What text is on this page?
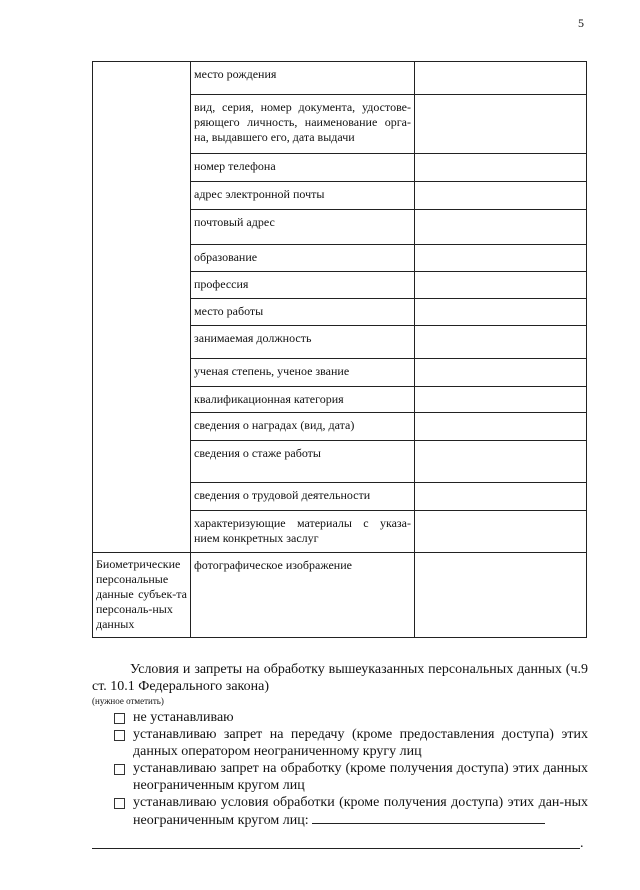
5
	место рождения	
	вид, серия, номер документа, удостове-ряющего личность, наименование орга-на, выдавшего его, дата выдачи	
	номер телефона	
	адрес электронной почты	
	почтовый адрес	
	образование	
	профессия	
	место работы	
	занимаемая должность	
	ученая степень, ученое звание	
	квалификационная категория	
	сведения о наградах (вид, дата)	
	сведения о стаже работы	
	сведения о трудовой деятельности	
	характеризующие материалы с указа-нием конкретных заслуг	
Биометрические персональные данные субъек-та персональ-ных данных	фотографическое изображение	

Условия и запреты на обработку вышеуказанных персональных данных (ч.9 ст. 10.1 Федерального закона)

(нужное отметить)
не устанавливаю
устанавливаю запрет на передачу (кроме предоставления доступа) этих данных оператором неограниченному кругу лиц
устанавливаю запрет на обработку (кроме получения доступа) этих данных неограниченным кругом лиц
устанавливаю условия обработки (кроме получения доступа) этих дан-ных неограниченным кругом лиц:
.
